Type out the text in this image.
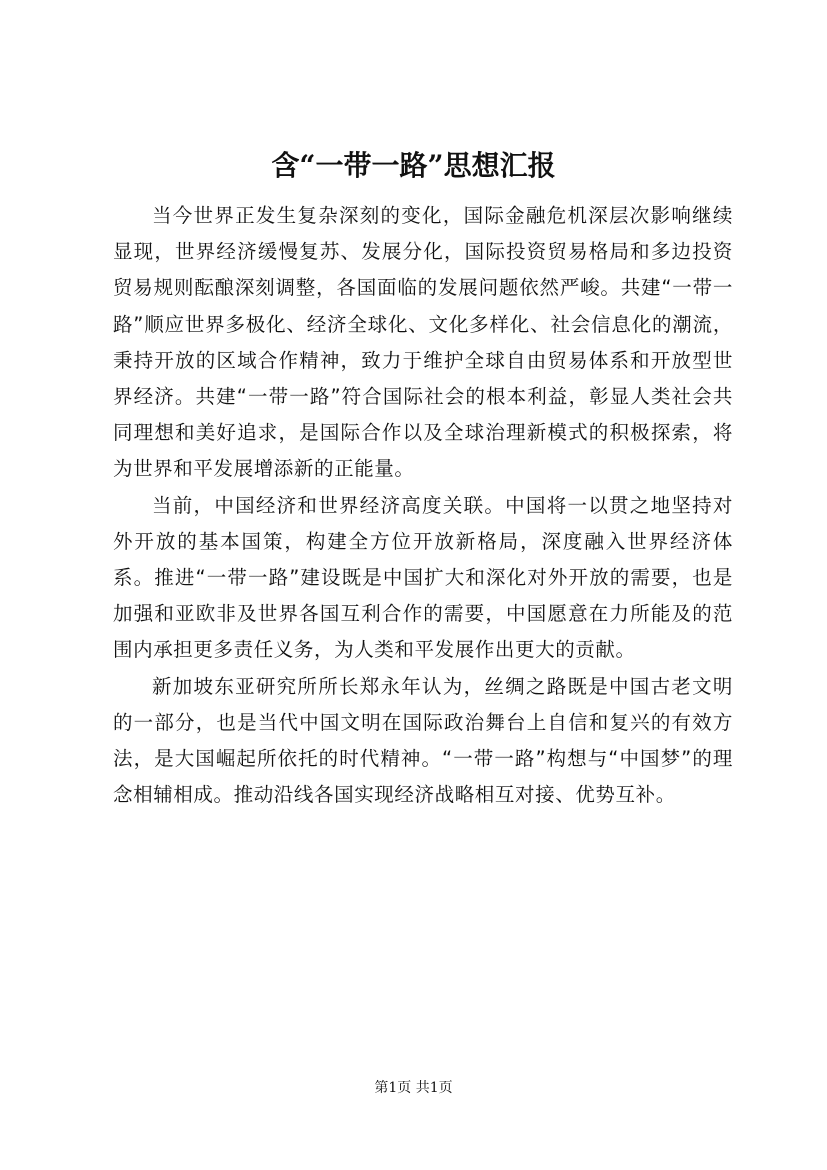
含“一带一路”思想汇报

当今世界正发生复杂深刻的变化，国际金融危机深层次影响继续显现，世界经济缓慢复苏、发展分化，国际投资贸易格局和多边投资贸易规则酝酿深刻调整，各国面临的发展问题依然严峻。共建“一带一路”顺应世界多极化、经济全球化、文化多样化、社会信息化的潮流，秉持开放的区域合作精神，致力于维护全球自由贸易体系和开放型世界经济。共建“一带一路”符合国际社会的根本利益，彰显人类社会共同理想和美好追求，是国际合作以及全球治理新模式的积极探索，将为世界和平发展增添新的正能量。

当前，中国经济和世界经济高度关联。中国将一以贯之地坚持对外开放的基本国策，构建全方位开放新格局，深度融入世界经济体系。推进“一带一路”建设既是中国扩大和深化对外开放的需要，也是加强和亚欧非及世界各国互利合作的需要，中国愿意在力所能及的范围内承担更多责任义务，为人类和平发展作出更大的贡献。

新加坡东亚研究所所长郑永年认为，丝绸之路既是中国古老文明的一部分，也是当代中国文明在国际政治舞台上自信和复兴的有效方法，是大国崛起所依托的时代精神。“一带一路”构想与“中国梦”的理念相辅相成。推动沿线各国实现经济战略相互对接、优势互补。

第1页 共1页
